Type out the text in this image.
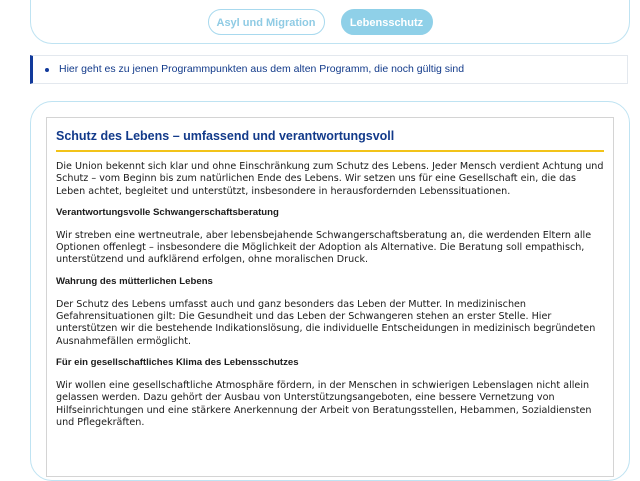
Asyl und Migration	Lebensschutz
Hier geht es zu jenen Programmpunkten aus dem alten Programm, die noch gültig sind
Schutz des Lebens – umfassend und verantwortungsvoll

Die Union bekennt sich klar und ohne Einschränkung zum Schutz des Lebens. Jeder Mensch verdient Achtung und Schutz – vom Beginn bis zum natürlichen Ende des Lebens. Wir setzen uns für eine Gesellschaft ein, die das Leben achtet, begleitet und unterstützt, insbesondere in herausfordernden Lebenssituationen.

Verantwortungsvolle Schwangerschaftsberatung

Wir streben eine wertneutrale, aber lebensbejahende Schwangerschaftsberatung an, die werdenden Eltern alle Optionen offenlegt – insbesondere die Möglichkeit der Adoption als Alternative. Die Beratung soll empathisch, unterstützend und aufklärend erfolgen, ohne moralischen Druck.

Wahrung des mütterlichen Lebens

Der Schutz des Lebens umfasst auch und ganz besonders das Leben der Mutter. In medizinischen Gefahrensituationen gilt: Die Gesundheit und das Leben der Schwangeren stehen an erster Stelle. Hier unterstützen wir die bestehende Indikationslösung, die individuelle Entscheidungen in medizinisch begründeten Ausnahmefällen ermöglicht.

Für ein gesellschaftliches Klima des Lebensschutzes

Wir wollen eine gesellschaftliche Atmosphäre fördern, in der Menschen in schwierigen Lebenslagen nicht allein gelassen werden. Dazu gehört der Ausbau von Unterstützungsangeboten, eine bessere Vernetzung von Hilfseinrichtungen und eine stärkere Anerkennung der Arbeit von Beratungsstellen, Hebammen, Sozialdiensten und Pflegekräften.
